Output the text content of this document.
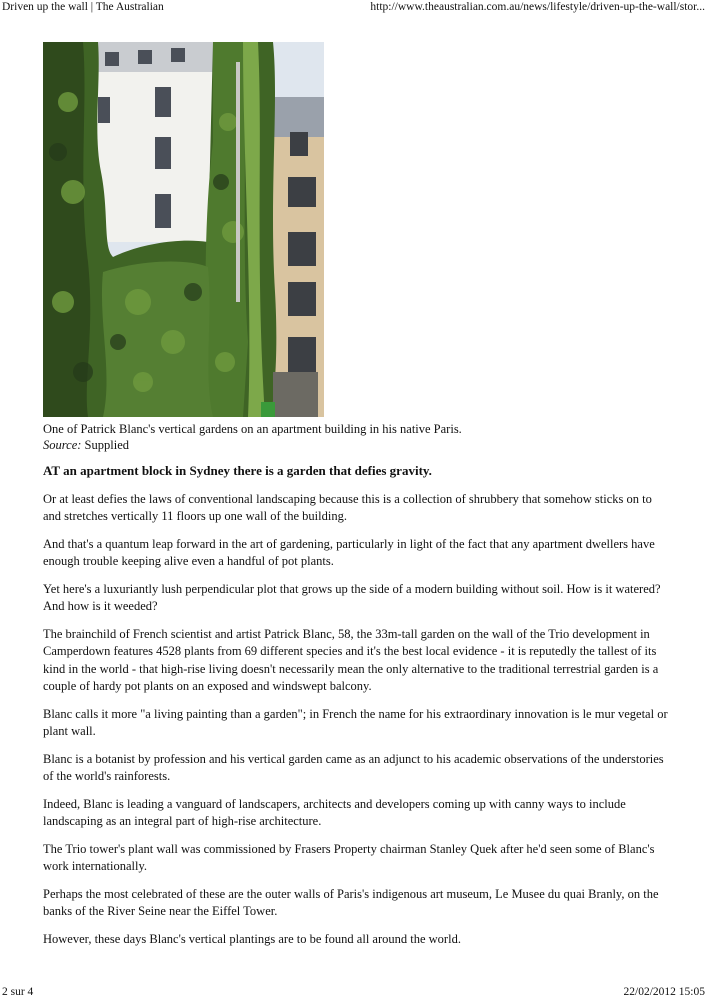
Driven up the wall | The Australian	http://www.theaustralian.com.au/news/lifestyle/driven-up-the-wall/stor...
One of Patrick Blanc's vertical gardens on an apartment building in his native Paris.
Source: Supplied

AT an apartment block in Sydney there is a garden that defies gravity.

Or at least defies the laws of conventional landscaping because this is a collection of shrubbery that somehow sticks on to and stretches vertically 11 floors up one wall of the building.

And that's a quantum leap forward in the art of gardening, particularly in light of the fact that any apartment dwellers have enough trouble keeping alive even a handful of pot plants.

Yet here's a luxuriantly lush perpendicular plot that grows up the side of a modern building without soil. How is it watered? And how is it weeded?

The brainchild of French scientist and artist Patrick Blanc, 58, the 33m-tall garden on the wall of the Trio development in Camperdown features 4528 plants from 69 different species and it's the best local evidence - it is reputedly the tallest of its kind in the world - that high-rise living doesn't necessarily mean the only alternative to the traditional terrestrial garden is a couple of hardy pot plants on an exposed and windswept balcony.

Blanc calls it more "a living painting than a garden"; in French the name for his extraordinary innovation is le mur vegetal or plant wall.

Blanc is a botanist by profession and his vertical garden came as an adjunct to his academic observations of the understories of the world's rainforests.

Indeed, Blanc is leading a vanguard of landscapers, architects and developers coming up with canny ways to include landscaping as an integral part of high-rise architecture.

The Trio tower's plant wall was commissioned by Frasers Property chairman Stanley Quek after he'd seen some of Blanc's work internationally.

Perhaps the most celebrated of these are the outer walls of Paris's indigenous art museum, Le Musee du quai Branly, on the banks of the River Seine near the Eiffel Tower.

However, these days Blanc's vertical plantings are to be found all around the world.

2 sur 4	22/02/2012 15:05
